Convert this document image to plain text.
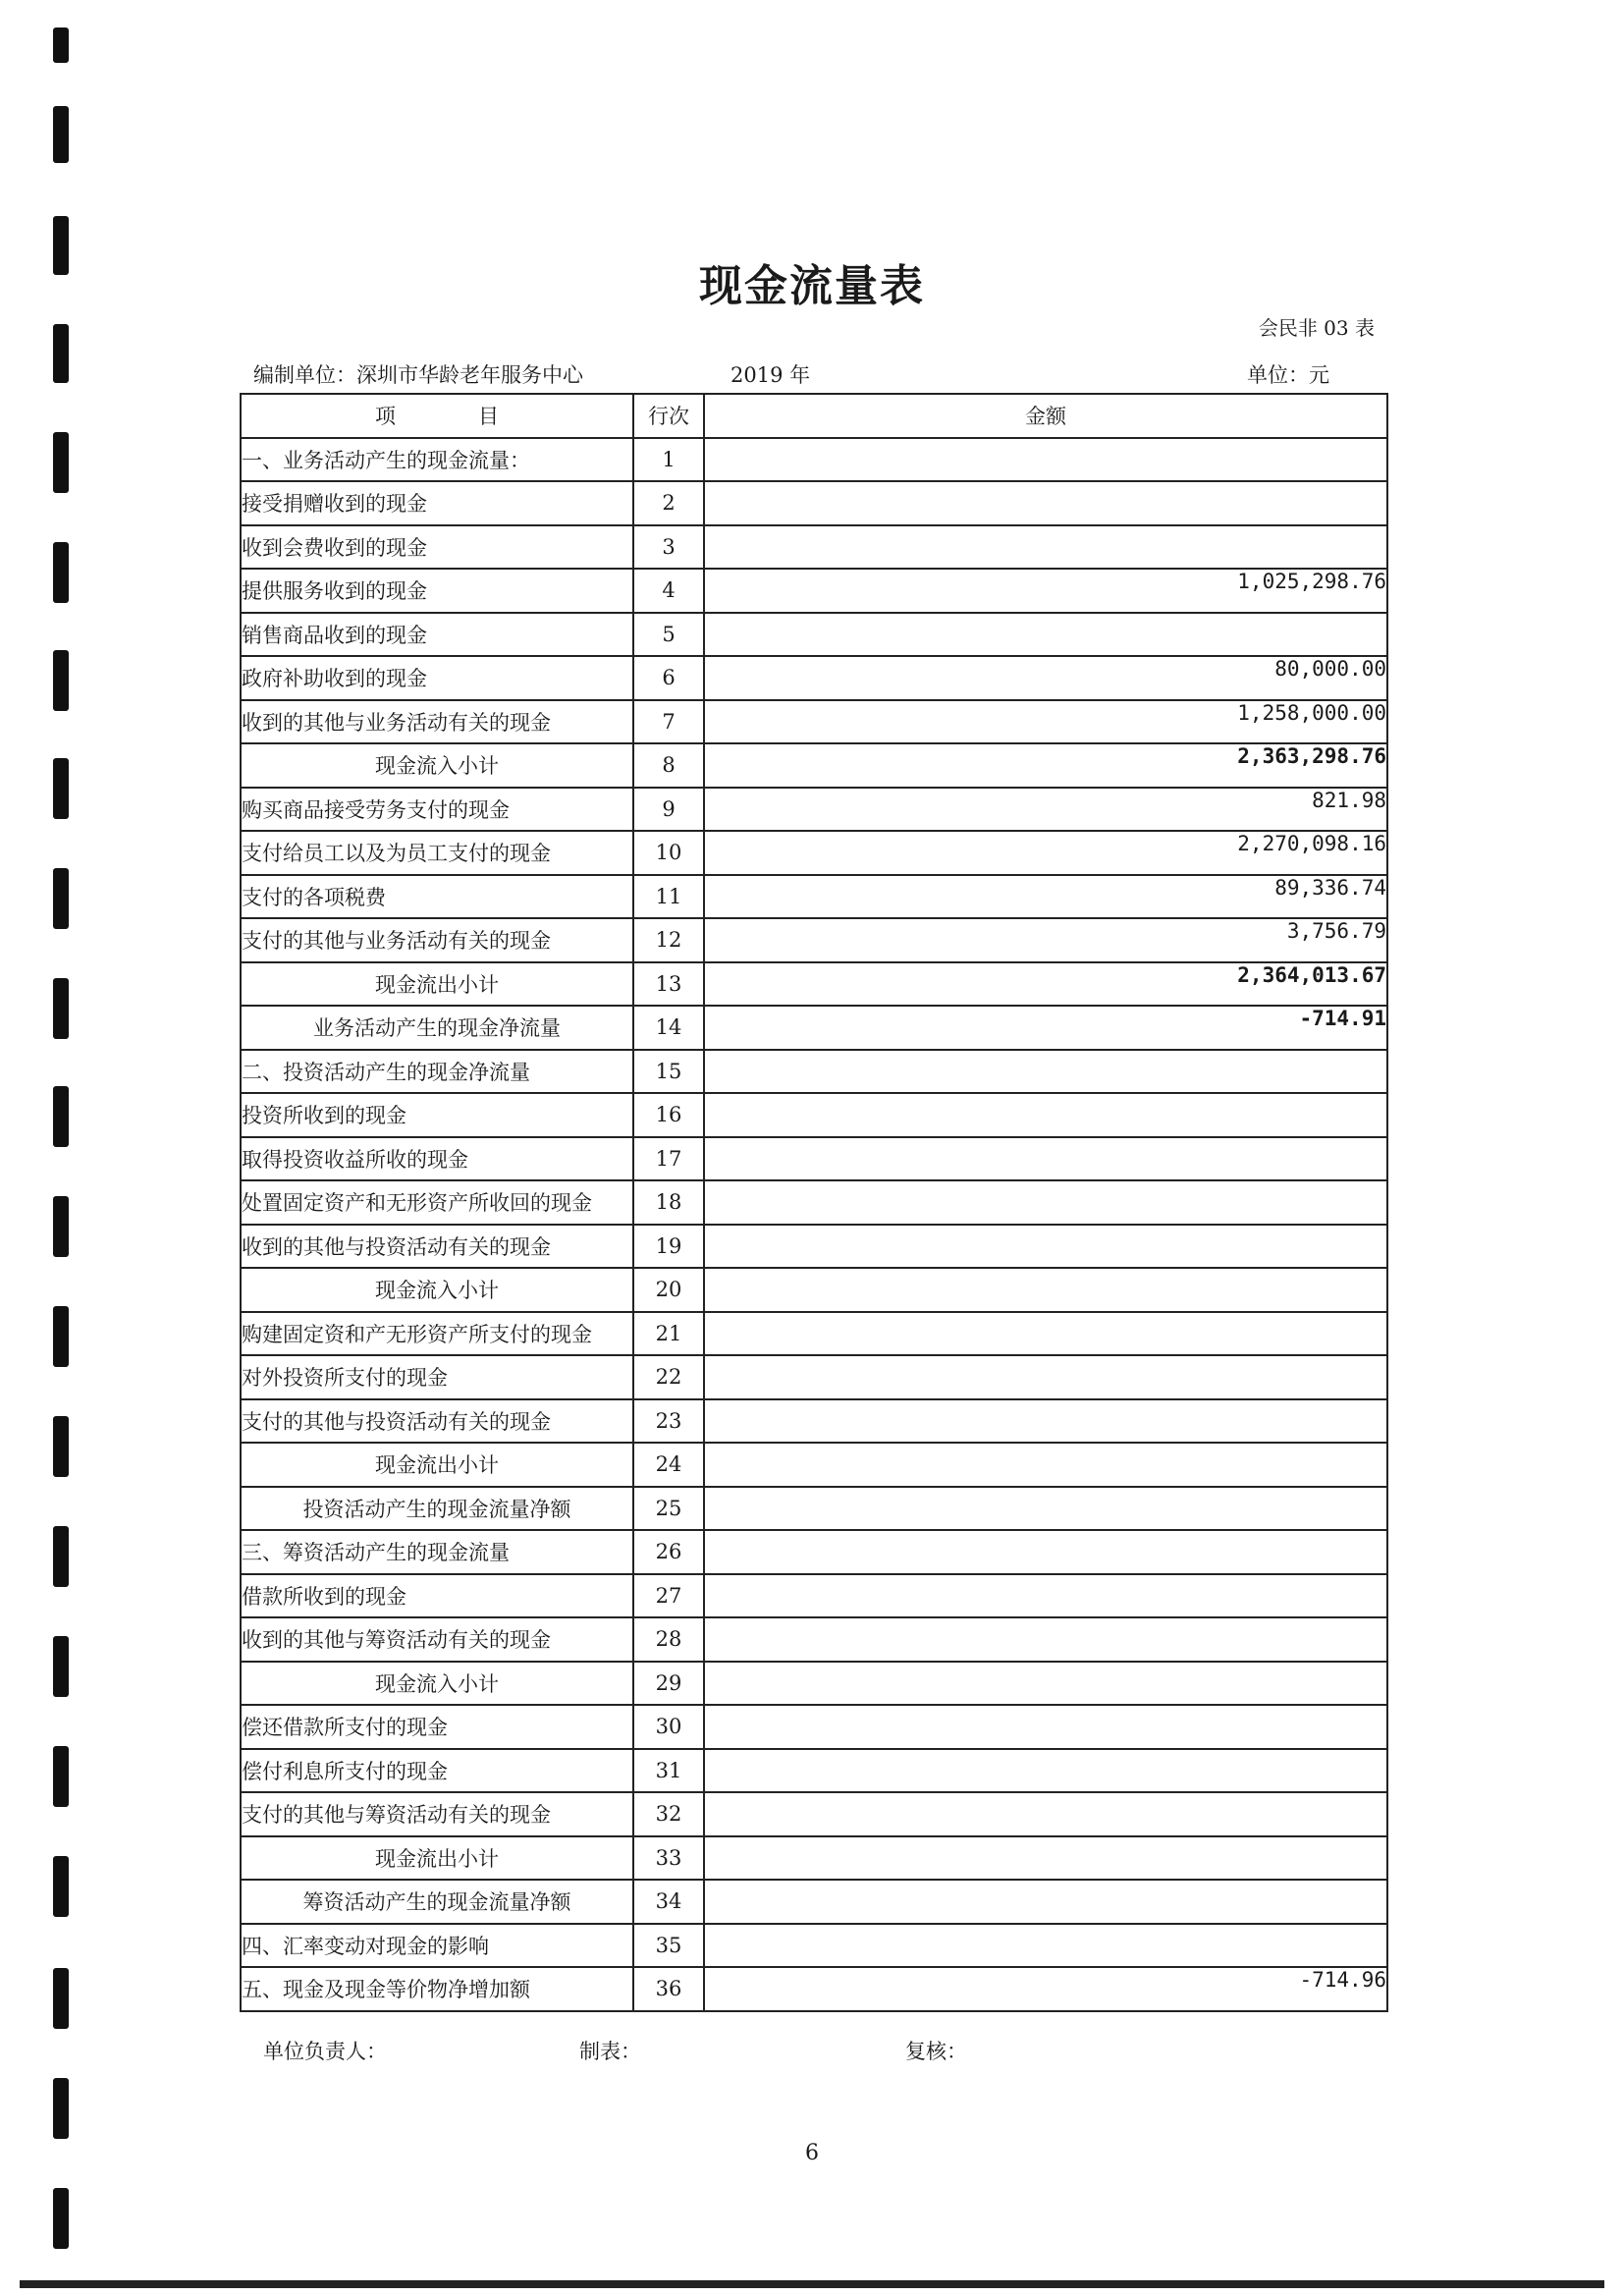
现金流量表
会民非 03 表
编制单位：深圳市华龄老年服务中心	2019 年	单位：元
项　　　　目	行次	金额
一、业务活动产生的现金流量：	1	
接受捐赠收到的现金	2	
收到会费收到的现金	3	
提供服务收到的现金	4	1,025,298.76
销售商品收到的现金	5	
政府补助收到的现金	6	80,000.00
收到的其他与业务活动有关的现金	7	1,258,000.00
现金流入小计	8	2,363,298.76
购买商品接受劳务支付的现金	9	821.98
支付给员工以及为员工支付的现金	10	2,270,098.16
支付的各项税费	11	89,336.74
支付的其他与业务活动有关的现金	12	3,756.79
现金流出小计	13	2,364,013.67
业务活动产生的现金净流量	14	-714.91
二、投资活动产生的现金净流量	15	
投资所收到的现金	16	
取得投资收益所收的现金	17	
处置固定资产和无形资产所收回的现金	18	
收到的其他与投资活动有关的现金	19	
现金流入小计	20	
购建固定资和产无形资产所支付的现金	21	
对外投资所支付的现金	22	
支付的其他与投资活动有关的现金	23	
现金流出小计	24	
投资活动产生的现金流量净额	25	
三、筹资活动产生的现金流量	26	
借款所收到的现金	27	
收到的其他与筹资活动有关的现金	28	
现金流入小计	29	
偿还借款所支付的现金	30	
偿付利息所支付的现金	31	
支付的其他与筹资活动有关的现金	32	
现金流出小计	33	
筹资活动产生的现金流量净额	34	
四、汇率变动对现金的影响	35	
五、现金及现金等价物净增加额	36	-714.96
单位负责人：	制表：	复核：
6
